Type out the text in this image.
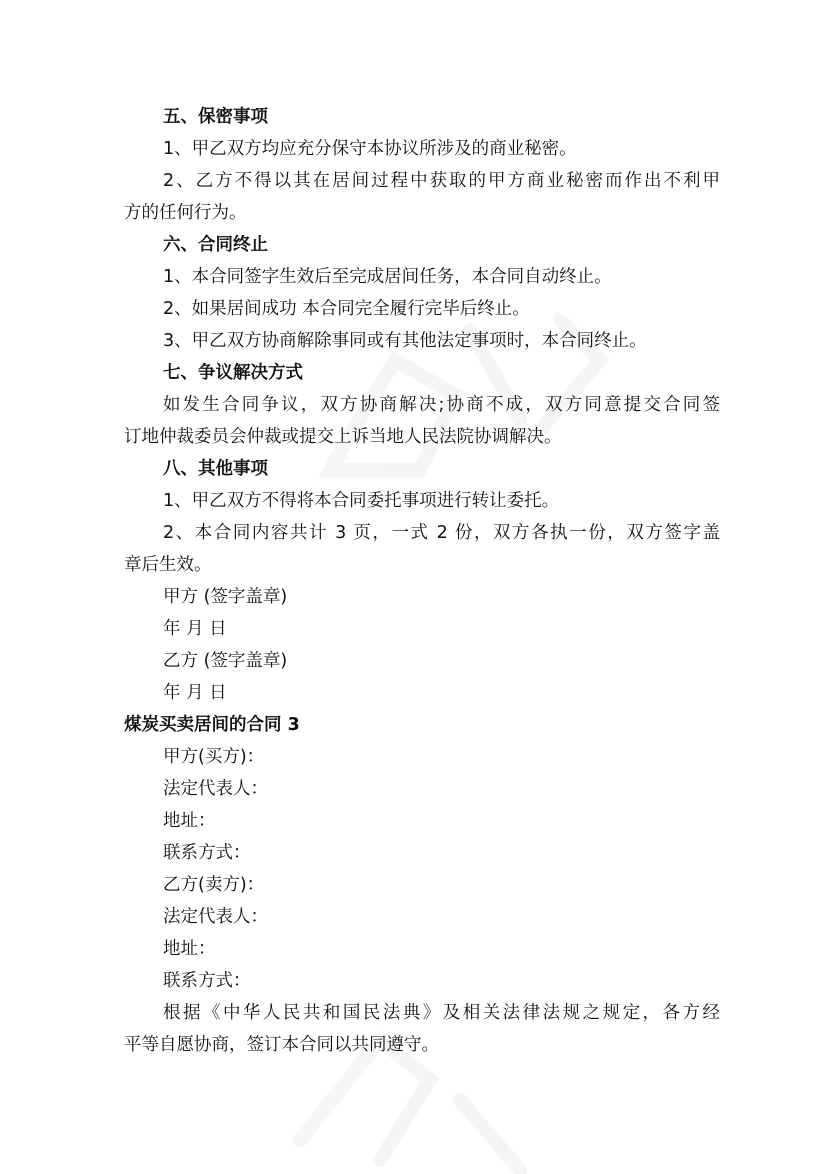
五、保密事项
1、甲乙双方均应充分保守本协议所涉及的商业秘密。
2、乙方不得以其在居间过程中获取的甲方商业秘密而作出不利甲
方的任何行为。
六、合同终止
1、本合同签字生效后至完成居间任务，本合同自动终止。
2、如果居间成功 本合同完全履行完毕后终止。
3、甲乙双方协商解除事同或有其他法定事项时，本合同终止。
七、争议解决方式
如发生合同争议，双方协商解决;协商不成，双方同意提交合同签
订地仲裁委员会仲裁或提交上诉当地人民法院协调解决。
八、其他事项
1、甲乙双方不得将本合同委托事项进行转让委托。
2、本合同内容共计 3 页，一式 2 份，双方各执一份，双方签字盖
章后生效。
甲方 (签字盖章)
年 月 日
乙方 (签字盖章)
年 月 日
煤炭买卖居间的合同 3
甲方(买方)：
法定代表人：
地址：
联系方式：
乙方(卖方)：
法定代表人：
地址：
联系方式：
根据《中华人民共和国民法典》及相关法律法规之规定，各方经
平等自愿协商，签订本合同以共同遵守。
